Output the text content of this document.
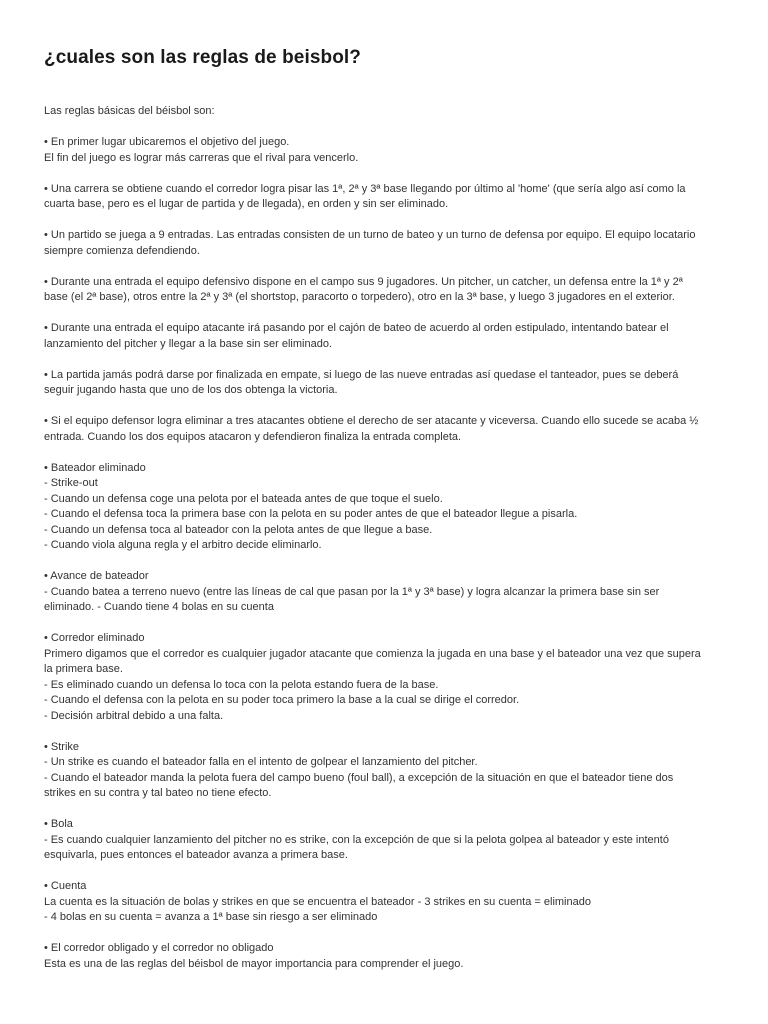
¿cuales son las reglas de beisbol?
Las reglas básicas del béisbol son:
• En primer lugar ubicaremos el objetivo del juego.
El fin del juego es lograr más carreras que el rival para vencerlo.
• Una carrera se obtiene cuando el corredor logra pisar las 1ª, 2ª y 3ª base llegando por último al 'home' (que sería algo así como la
cuarta base, pero es el lugar de partida y de llegada), en orden y sin ser eliminado.
• Un partido se juega a 9 entradas. Las entradas consisten de un turno de bateo y un turno de defensa por equipo. El equipo locatario
siempre comienza defendiendo.
• Durante una entrada el equipo defensivo dispone en el campo sus 9 jugadores. Un pitcher, un catcher, un defensa entre la 1ª y 2ª
base (el 2ª base), otros entre la 2ª y 3ª (el shortstop, paracorto o torpedero), otro en la 3ª base, y luego 3 jugadores en el exterior.
• Durante una entrada el equipo atacante irá pasando por el cajón de bateo de acuerdo al orden estipulado, intentando batear el
lanzamiento del pitcher y llegar a la base sin ser eliminado.
• La partida jamás podrá darse por finalizada en empate, si luego de las nueve entradas así quedase el tanteador, pues se deberá
seguir jugando hasta que uno de los dos obtenga la victoria.
• Si el equipo defensor logra eliminar a tres atacantes obtiene el derecho de ser atacante y viceversa. Cuando ello sucede se acaba ½
entrada. Cuando los dos equipos atacaron y defendieron finaliza la entrada completa.
• Bateador eliminado
- Strike-out
- Cuando un defensa coge una pelota por el bateada antes de que toque el suelo.
- Cuando el defensa toca la primera base con la pelota en su poder antes de que el bateador llegue a pisarla.
- Cuando un defensa toca al bateador con la pelota antes de que llegue a base.
- Cuando viola alguna regla y el arbitro decide eliminarlo.
• Avance de bateador
- Cuando batea a terreno nuevo (entre las líneas de cal que pasan por la 1ª y 3ª base) y logra alcanzar la primera base sin ser
eliminado. - Cuando tiene 4 bolas en su cuenta
• Corredor eliminado
Primero digamos que el corredor es cualquier jugador atacante que comienza la jugada en una base y el bateador una vez que supera
la primera base.
- Es eliminado cuando un defensa lo toca con la pelota estando fuera de la base.
- Cuando el defensa con la pelota en su poder toca primero la base a la cual se dirige el corredor.
- Decisión arbitral debido a una falta.
• Strike
- Un strike es cuando el bateador falla en el intento de golpear el lanzamiento del pitcher.
- Cuando el bateador manda la pelota fuera del campo bueno (foul ball), a excepción de la situación en que el bateador tiene dos
strikes en su contra y tal bateo no tiene efecto.
• Bola
- Es cuando cualquier lanzamiento del pitcher no es strike, con la excepción de que si la pelota golpea al bateador y este intentó
esquivarla, pues entonces el bateador avanza a primera base.
• Cuenta
La cuenta es la situación de bolas y strikes en que se encuentra el bateador - 3 strikes en su cuenta = eliminado
- 4 bolas en su cuenta = avanza a 1ª base sin riesgo a ser eliminado
• El corredor obligado y el corredor no obligado
Esta es una de las reglas del béisbol de mayor importancia para comprender el juego.
